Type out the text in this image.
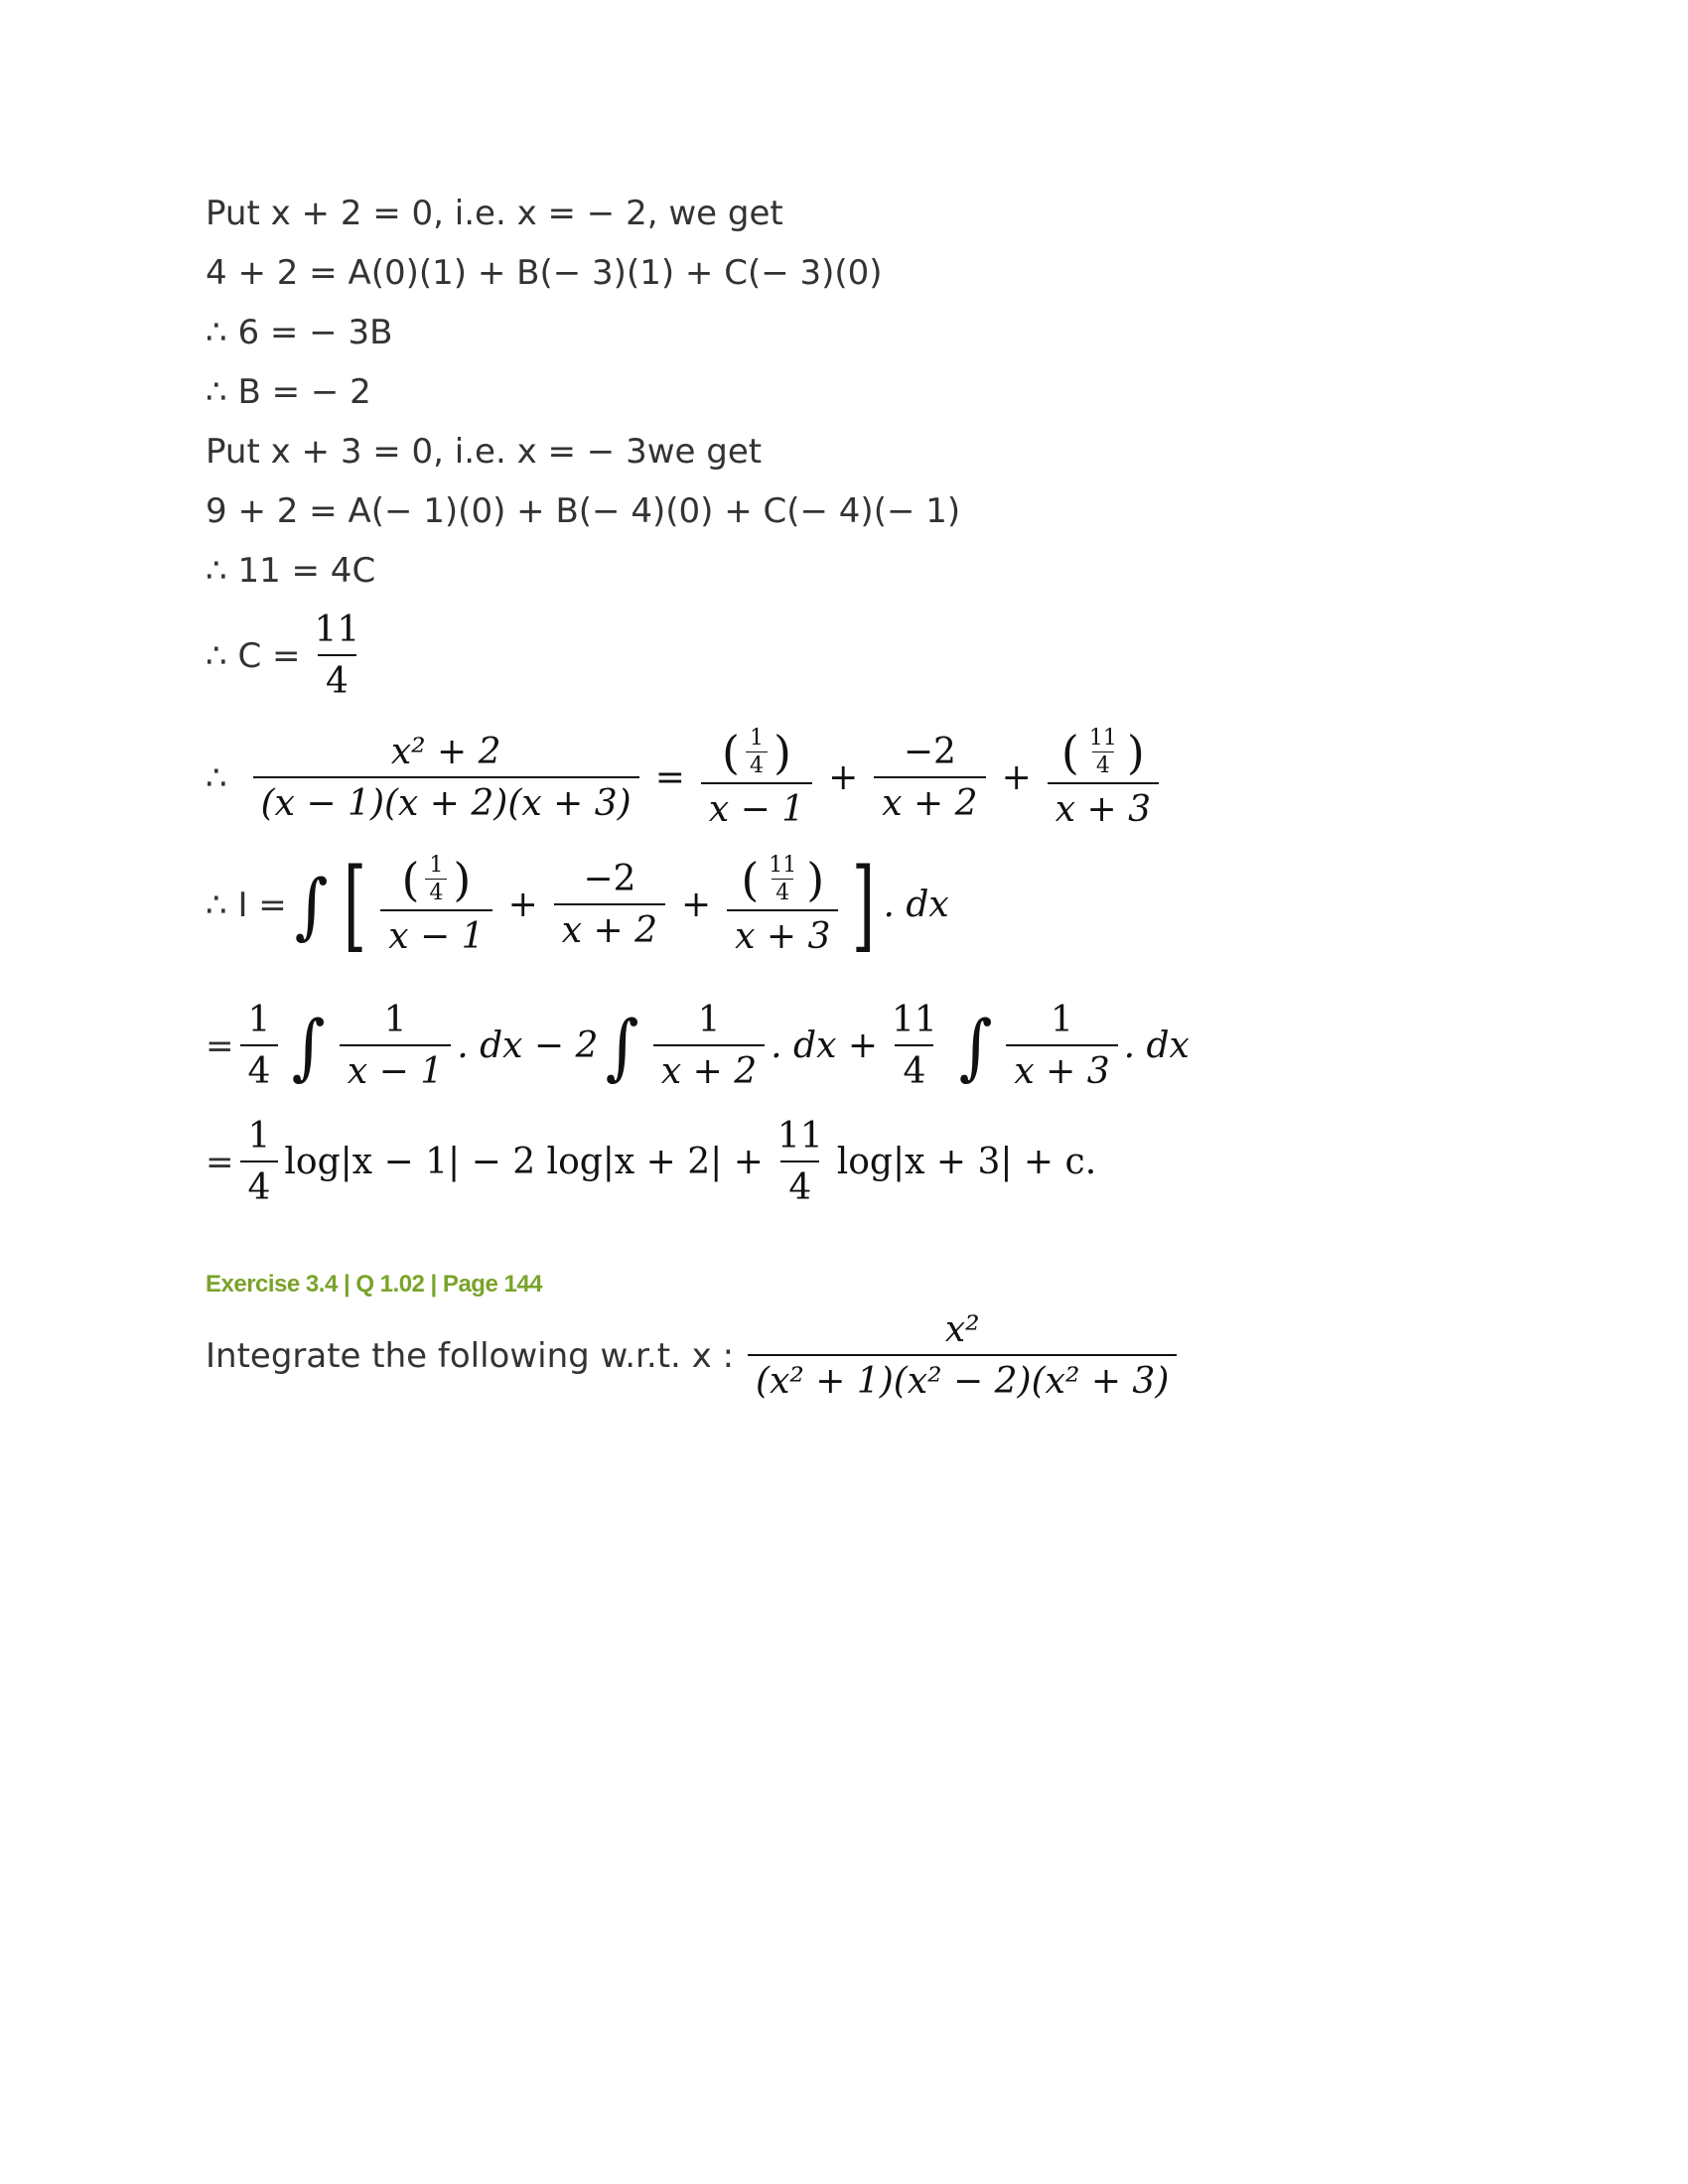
Put x + 2 = 0, i.e. x = − 2, we get
4 + 2 = A(0)(1) + B(− 3)(1) + C(− 3)(0)
∴ 6 = − 3B
∴ B = − 2
Put x + 3 = 0, i.e. x = − 3we get
9 + 2 = A(− 1)(0) + B(− 4)(0) + C(− 4)(− 1)
∴ 11 = 4C
∴ $C = \frac{11}{4}$
∴ $\frac{\text{x² + 2}}{(x - 1)(x + 2)(x + 3)} = \frac{( \frac{1}{4} )}{x - 1} + \frac{-2}{x + 2} + \frac{( \frac{11}{4} )}{x + 3}$
∴ I = ∫ [ $\frac{( \frac{1}{4} )}{x - 1} + \frac{-2}{x + 2} + \frac{( \frac{11}{4} )}{x + 3}$ ] . dx
= $\frac{1}{4}$ ∫ $\frac{1}{x - 1}$ . dx − 2 ∫ $\frac{1}{x + 2}$ . dx + $\frac{11}{4}$ ∫ $\frac{1}{x + 3}$ . dx
= $\frac{1}{4} \log|x - 1| - 2$ $\log|x + 2| + \frac{11}{4} \log|x + 3| + c$.
Exercise 3.4 | Q 1.02 | Page 144
Integrate the following w.r.t. x : $\frac{\text{x²}}{\text{(x² + 1)(x² − 2)(x² + 3)}}$
